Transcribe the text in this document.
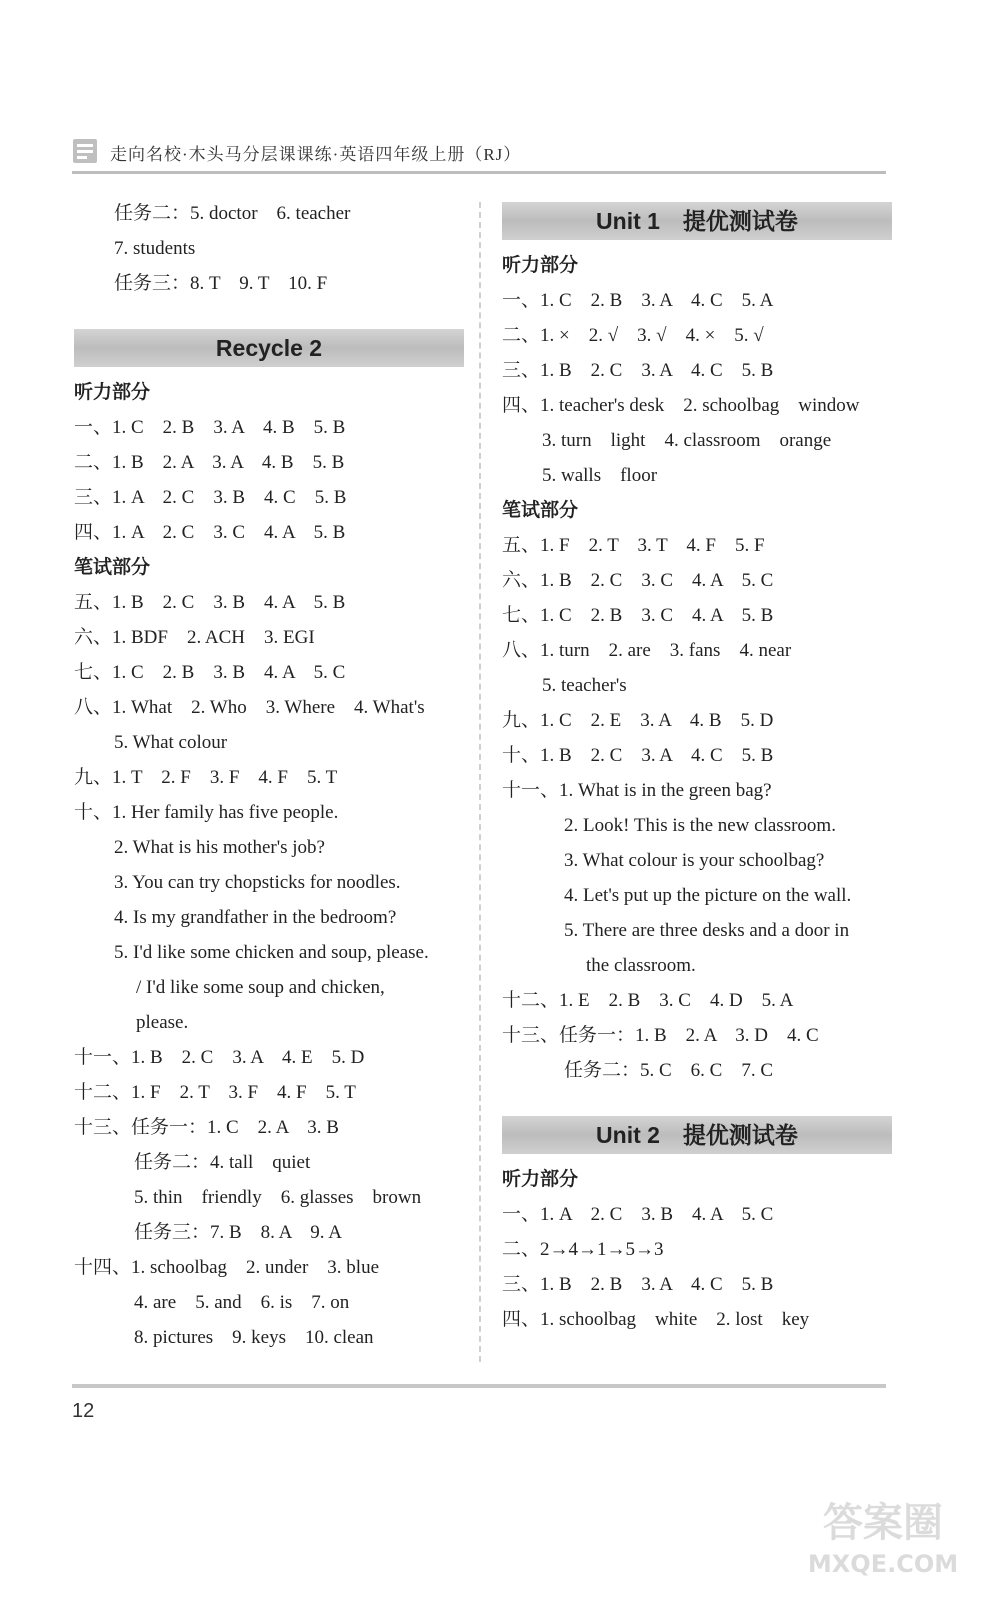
走向名校·木头马分层课课练·英语四年级上册（RJ）
任务二：5. doctor　6. teacher
7. students
任务三：8. T　9. T　10. F
Recycle 2
听力部分
一、1. C　2. B　3. A　4. B　5. B
二、1. B　2. A　3. A　4. B　5. B
三、1. A　2. C　3. B　4. C　5. B
四、1. A　2. C　3. C　4. A　5. B
笔试部分
五、1. B　2. C　3. B　4. A　5. B
六、1. BDF　2. ACH　3. EGI
七、1. C　2. B　3. B　4. A　5. C
八、1. What　2. Who　3. Where　4. What's
5. What colour
九、1. T　2. F　3. F　4. F　5. T
十、1. Her family has five people.
2. What is his mother's job?
3. You can try chopsticks for noodles.
4. Is my grandfather in the bedroom?
5. I'd like some chicken and soup, please.
/ I'd like some soup and chicken,
please.
十一、1. B　2. C　3. A　4. E　5. D
十二、1. F　2. T　3. F　4. F　5. T
十三、任务一：1. C　2. A　3. B
任务二：4. tall　quiet
5. thin　friendly　6. glasses　brown
任务三：7. B　8. A　9. A
十四、1. schoolbag　2. under　3. blue
4. are　5. and　6. is　7. on
8. pictures　9. keys　10. clean
Unit 1　提优测试卷
听力部分
一、1. C　2. B　3. A　4. C　5. A
二、1. ×　2. √　3. √　4. ×　5. √
三、1. B　2. C　3. A　4. C　5. B
四、1. teacher's desk　2. schoolbag　window
3. turn　light　4. classroom　orange
5. walls　floor
笔试部分
五、1. F　2. T　3. T　4. F　5. F
六、1. B　2. C　3. C　4. A　5. C
七、1. C　2. B　3. C　4. A　5. B
八、1. turn　2. are　3. fans　4. near
5. teacher's
九、1. C　2. E　3. A　4. B　5. D
十、1. B　2. C　3. A　4. C　5. B
十一、1. What is in the green bag?
2. Look! This is the new classroom.
3. What colour is your schoolbag?
4. Let's put up the picture on the wall.
5. There are three desks and a door in
the classroom.
十二、1. E　2. B　3. C　4. D　5. A
十三、任务一：1. B　2. A　3. D　4. C
任务二：5. C　6. C　7. C
Unit 2　提优测试卷
听力部分
一、1. A　2. C　3. B　4. A　5. C
二、2→4→1→5→3
三、1. B　2. B　3. A　4. C　5. B
四、1. schoolbag　white　2. lost　key
12
答案圈
MXQE.COM
